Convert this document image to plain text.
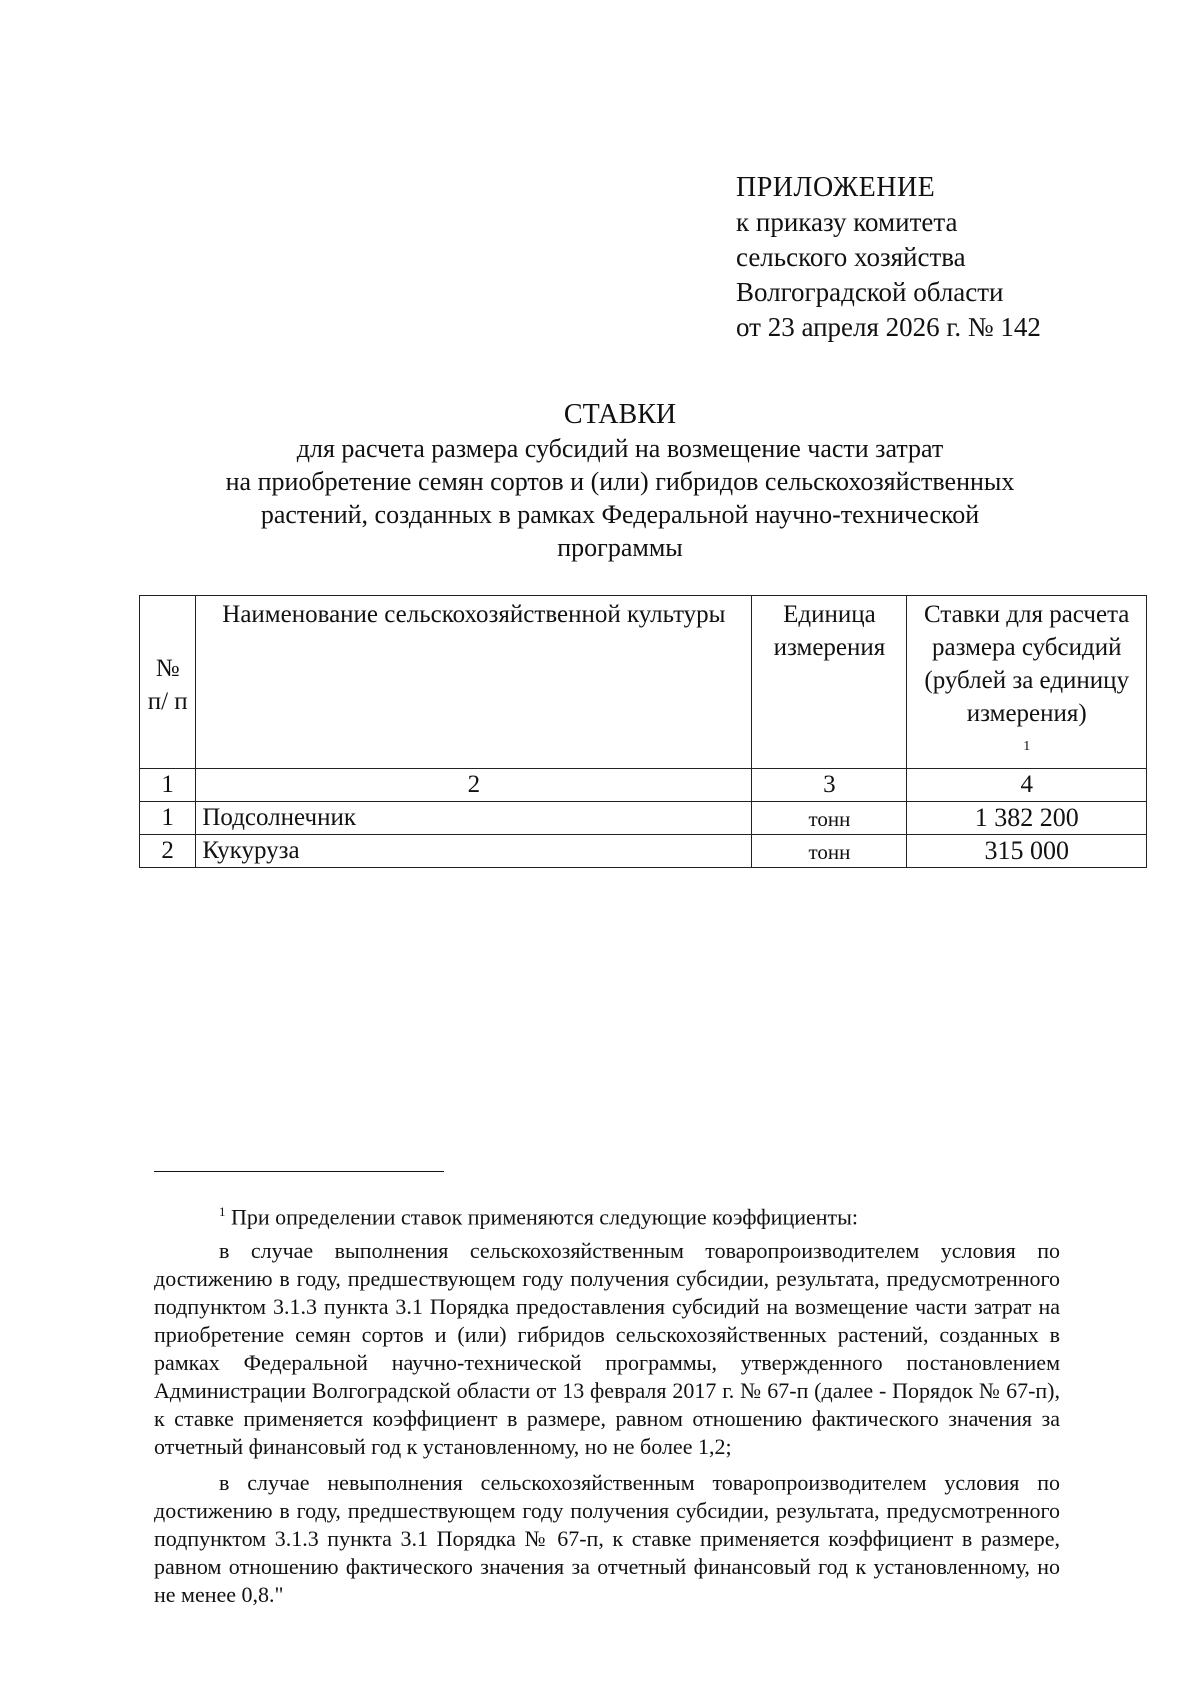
ПРИЛОЖЕНИЕ
к приказу комитета
сельского хозяйства
Волгоградской области
от 23 апреля 2026 г. № 142
СТАВКИ
для расчета размера субсидий на возмещение части затрат
на приобретение семян сортов и (или) гибридов сельскохозяйственных
растений, созданных в рамках Федеральной научно-технической
программы
№ п/ п	Наименование сельскохозяйственной культуры	Единица измерения	Ставки для расчета размера субсидий (рублей за единицу измерения)
$^1$
1	2	3	4
1	Подсолнечник	тонн	1 382 200
2	Кукуруза	тонн	315 000

$^1$ При определении ставок применяются следующие коэффициенты:

в случае выполнения сельскохозяйственным товаропроизводителем условия по достижению в году, предшествующем году получения субсидии, результата, предусмотренного подпунктом 3.1.3 пункта 3.1 Порядка предоставления субсидий на возмещение части затрат на приобретение семян сортов и (или) гибридов сельскохозяйственных растений, созданных в рамках Федеральной научно-технической программы, утвержденного постановлением Администрации Волгоградской области от 13 февраля 2017 г. № 67-п (далее - Порядок № 67-п), к ставке применяется коэффициент в размере, равном отношению фактического значения за отчетный финансовый год к установленному, но не более 1,2;

в случае невыполнения сельскохозяйственным товаропроизводителем условия по достижению в году, предшествующем году получения субсидии, результата, предусмотренного подпунктом 3.1.3 пункта 3.1 Порядка № 67-п, к ставке применяется коэффициент в размере, равном отношению фактического значения за отчетный финансовый год к установленному, но не менее 0,8."
